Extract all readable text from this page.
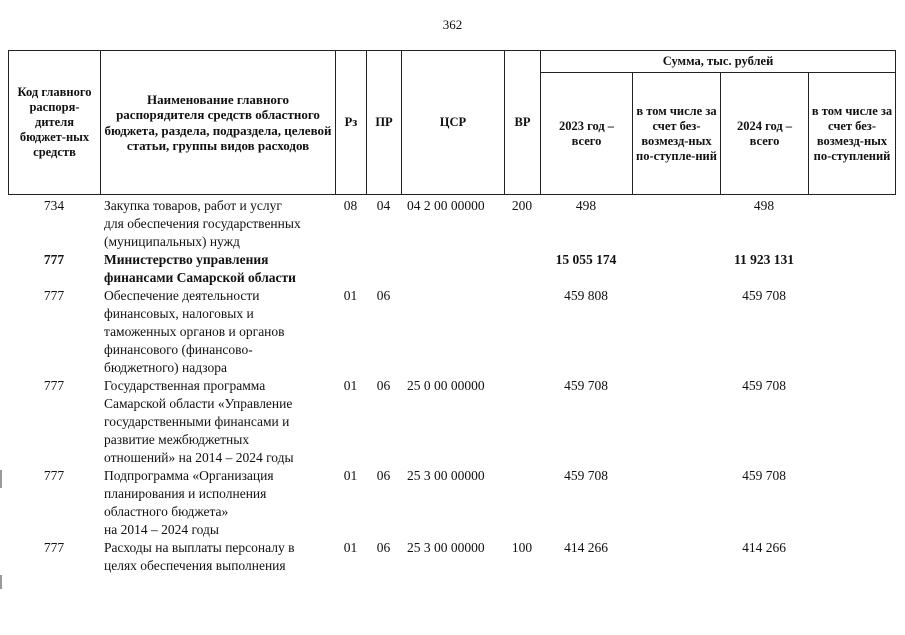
362
Код главного распоря-дителя бюджет-ных средств	Наименование главного распорядителя средств областного бюджета, раздела, подраздела, целевой статьи, группы видов расходов	Рз	ПР	ЦСР	ВР	Сумма, тыс. рублей			
						2023 год – всего	в том числе за счет без-возмезд-ных по-ступле-ний	2024 год – всего	в том числе за счет без-возмезд-ных по-ступлений
734	Закупка товаров, работ и услуг
для обеспечения государственных
(муниципальных) нужд	08	04	04 2 00 00000	200	498		498	
777	Министерство управления
финансами Самарской области					15 055 174		11 923 131	
777	Обеспечение деятельности
финансовых, налоговых и
таможенных органов и органов
финансового (финансово-
бюджетного) надзора	01	06			459 808		459 708	
777	Государственная программа
Самарской области «Управление
государственными финансами и
развитие межбюджетных
отношений» на 2014 – 2024 годы	01	06	25 0 00 00000		459 708		459 708	
777	Подпрограмма «Организация
планирования и исполнения
областного бюджета»
на 2014 – 2024 годы	01	06	25 3 00 00000		459 708		459 708	
777	Расходы на выплаты персоналу в
целях обеспечения выполнения	01	06	25 3 00 00000	100	414 266		414 266	
